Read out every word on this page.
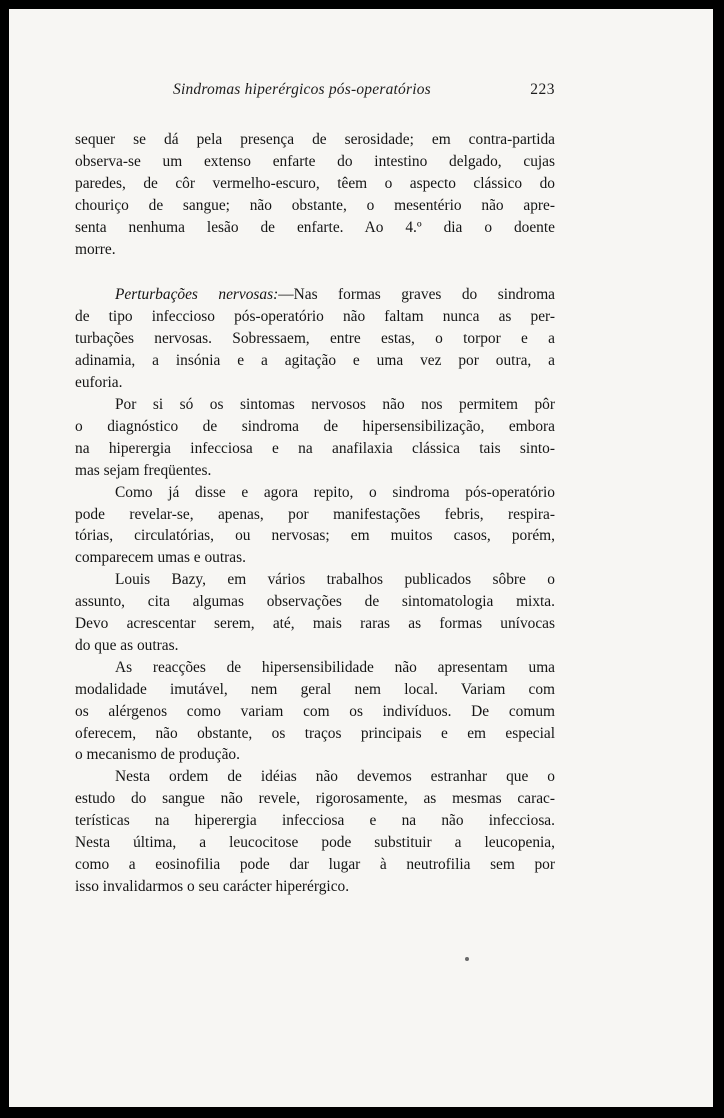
Sindromas hiperérgicos pós-operatórios	223
sequer se dá pela presença de serosidade; em contra-partida
observa-se um extenso enfarte do intestino delgado, cujas
paredes, de côr vermelho-escuro, têem o aspecto clássico do
chouriço de sangue; não obstante, o mesentério não apre-
senta nenhuma lesão de enfarte. Ao 4.º dia o doente
morre.
Perturbações nervosas:—Nas formas graves do sindroma
de tipo infeccioso pós-operatório não faltam nunca as per-
turbações nervosas. Sobressaem, entre estas, o torpor e a
adinamia, a insónia e a agitação e uma vez por outra, a
euforia.
Por si só os sintomas nervosos não nos permitem pôr
o diagnóstico de sindroma de hipersensibilização, embora
na hiperergia infecciosa e na anafilaxia clássica tais sinto-
mas sejam freqüentes.
Como já disse e agora repito, o sindroma pós-operatório
pode revelar-se, apenas, por manifestações febris, respira-
tórias, circulatórias, ou nervosas; em muitos casos, porém,
comparecem umas e outras.
Louis Bazy, em vários trabalhos publicados sôbre o
assunto, cita algumas observações de sintomatologia mixta.
Devo acrescentar serem, até, mais raras as formas unívocas
do que as outras.
As reacções de hipersensibilidade não apresentam uma
modalidade imutável, nem geral nem local. Variam com
os alérgenos como variam com os indivíduos. De comum
oferecem, não obstante, os traços principais e em especial
o mecanismo de produção.
Nesta ordem de idéias não devemos estranhar que o
estudo do sangue não revele, rigorosamente, as mesmas carac-
terísticas na hiperergia infecciosa e na não infecciosa.
Nesta última, a leucocitose pode substituir a leucopenia,
como a eosinofilia pode dar lugar à neutrofilia sem por
isso invalidarmos o seu carácter hiperérgico.
